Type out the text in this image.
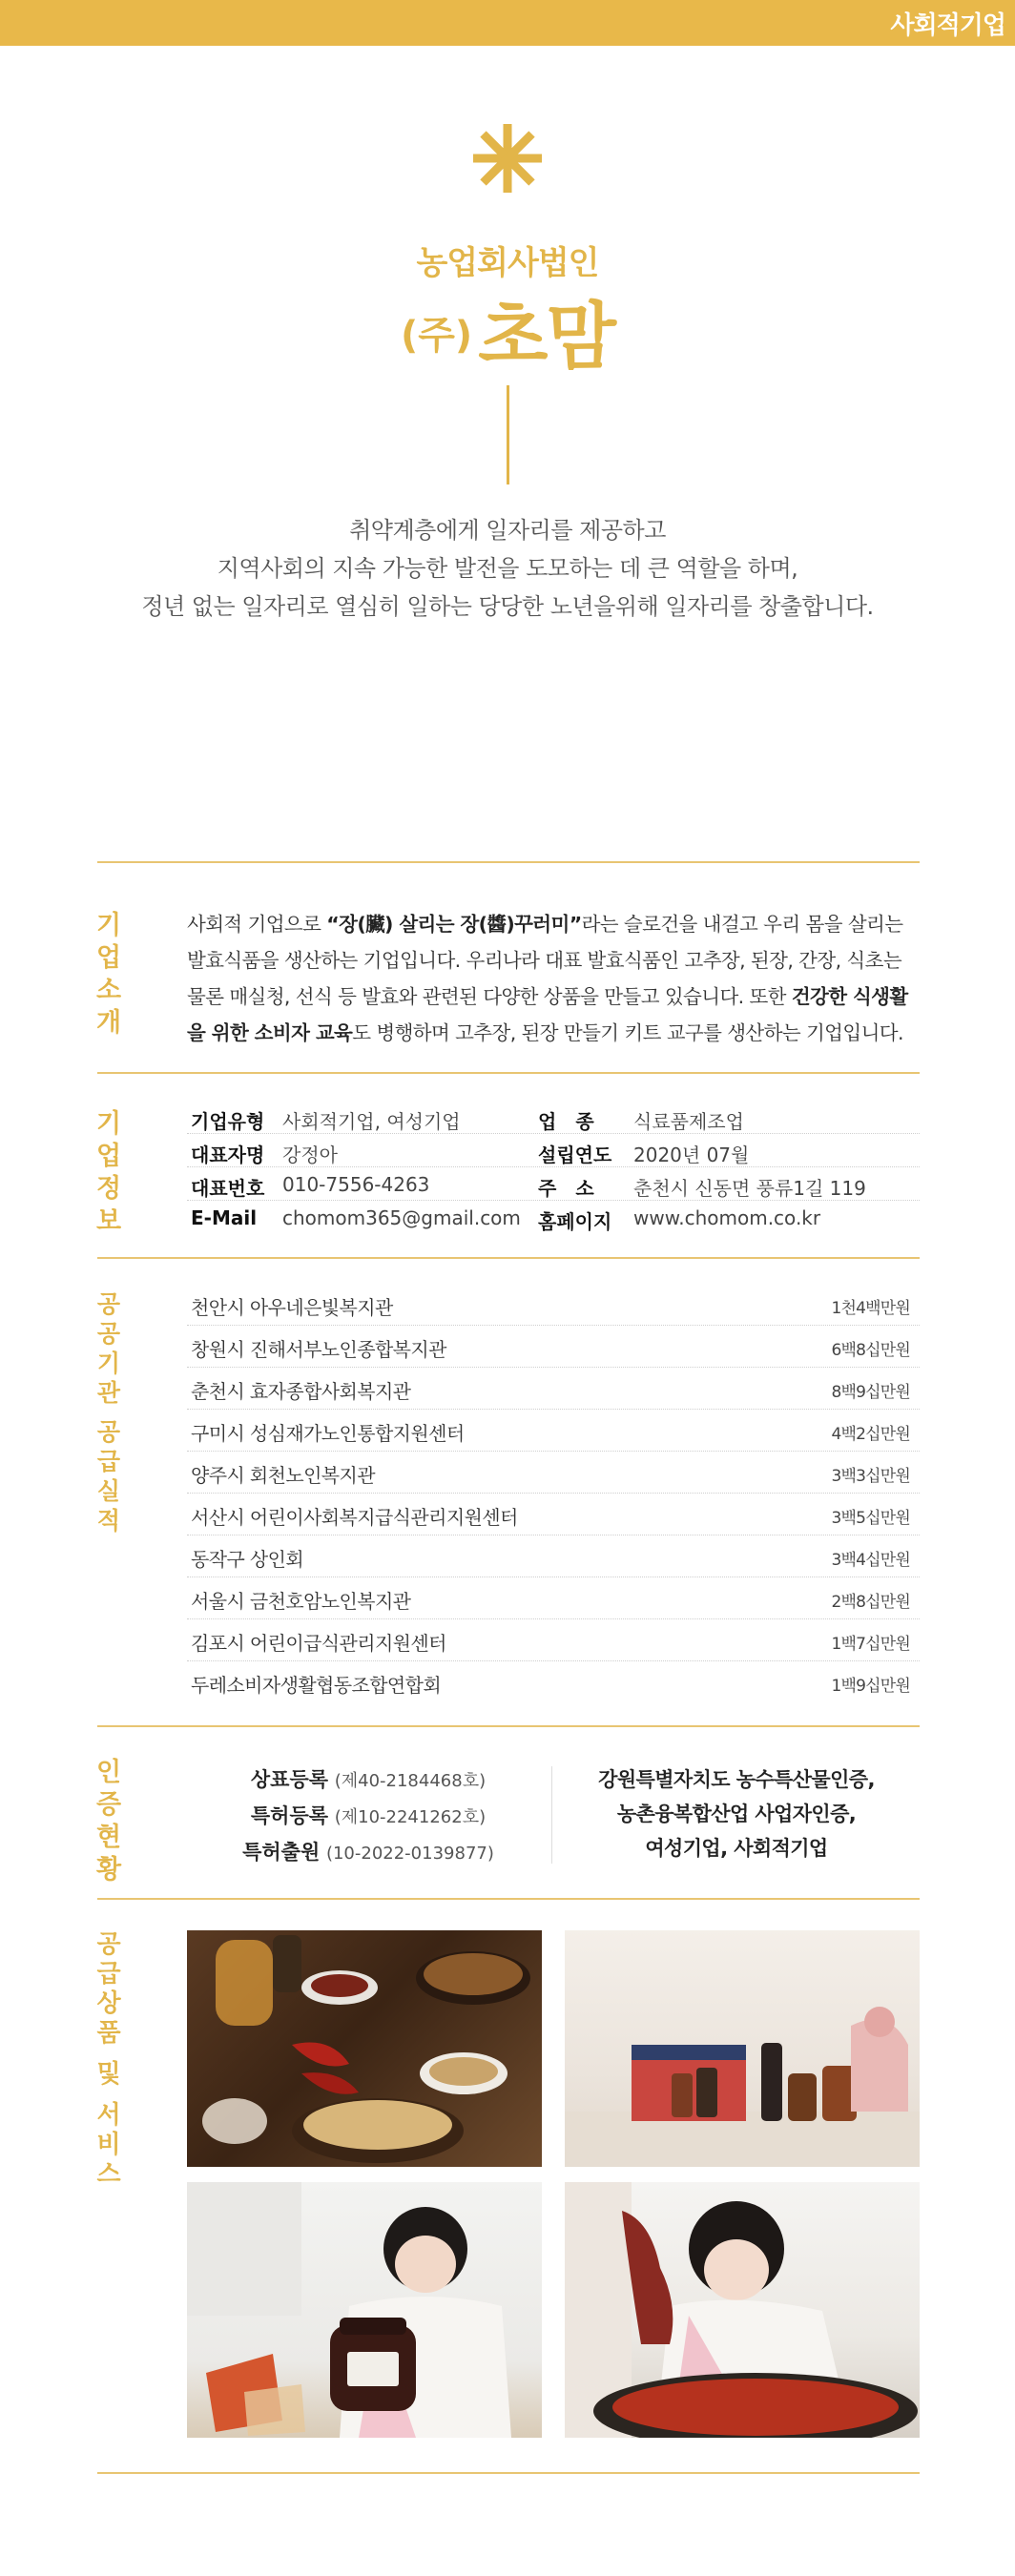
사회적기업
농업회사법인
(주)초맘
취약계층에게 일자리를 제공하고
지역사회의 지속 가능한 발전을 도모하는 데 큰 역할을 하며,
정년 없는 일자리로 열심히 일하는 당당한 노년을위해 일자리를 창출합니다.
기
업
소
개
사회적 기업으로 “장(臟) 살리는 장(醬)꾸러미”라는 슬로건을 내걸고 우리 몸을 살리는 발효식품을 생산하는 기업입니다. 우리나라 대표 발효식품인 고추장, 된장, 간장, 식초는 물론 매실청, 선식 등 발효와 관련된 다양한 상품을 만들고 있습니다. 또한 건강한 식생활을 위한 소비자 교육도 병행하며 고추장, 된장 만들기 키트 교구를 생산하는 기업입니다.
기
업
정
보
기업유형 사회적기업, 여성기업	업　종 식료품제조업
대표자명 강정아	설립연도 2020년 07월
대표번호 010-7556-4263	주　소 춘천시 신동면 풍류1길 119
E-Mail chomom365@gmail.com 홈페이지 www.chomom.co.kr
공
공
기
관
공
급
실
적
천안시 아우네은빛복지관	1천4백만원
창원시 진해서부노인종합복지관	6백8십만원
춘천시 효자종합사회복지관	8백9십만원
구미시 성심재가노인통합지원센터	4백2십만원
양주시 회천노인복지관	3백3십만원
서산시 어린이사회복지급식관리지원센터	3백5십만원
동작구 상인회	3백4십만원
서울시 금천호암노인복지관	2백8십만원
김포시 어린이급식관리지원센터	1백7십만원
두레소비자생활협동조합연합회	1백9십만원
인
증
현
황
상표등록 (제40-2184468호)
특허등록 (제10-2241262호)
특허출원 (10-2022-0139877)
강원특별자치도 농수특산물인증,
농촌융복합산업 사업자인증,
여성기업, 사회적기업
공
급
상
품
및
서
비
스
